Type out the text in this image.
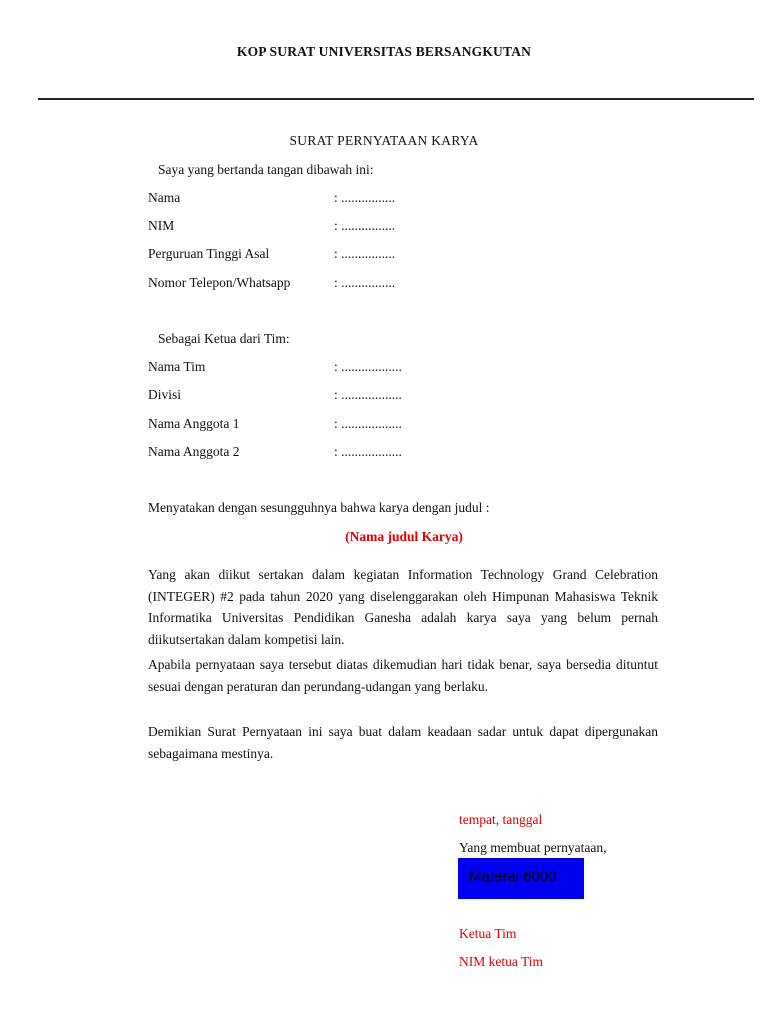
KOP SURAT UNIVERSITAS BERSANGKUTAN
SURAT PERNYATAAN KARYA
Saya yang bertanda tangan dibawah ini:
Nama	: ................
NIM	: ................
Perguruan Tinggi Asal	: ................
Nomor Telepon/Whatsapp	: ................
Sebagai Ketua dari Tim:
Nama Tim	: ..................
Divisi	: ..................
Nama Anggota 1	: ..................
Nama Anggota 2	: ..................
Menyatakan dengan sesungguhnya bahwa karya dengan judul :
(Nama judul Karya)
Yang akan diikut sertakan dalam kegiatan Information Technology Grand Celebration (INTEGER) #2 pada tahun 2020 yang diselenggarakan oleh Himpunan Mahasiswa Teknik Informatika Universitas Pendidikan Ganesha adalah karya saya yang belum pernah diikutsertakan dalam kompetisi lain.
Apabila pernyataan saya tersebut diatas dikemudian hari tidak benar, saya bersedia dituntut sesuai dengan peraturan dan perundang-udangan yang berlaku.
Demikian Surat Pernyataan ini saya buat dalam keadaan sadar untuk dapat dipergunakan sebagaimana mestinya.
tempat, tanggal
Yang membuat pernyataan,
Materai 6000
Ketua Tim
NIM ketua Tim
